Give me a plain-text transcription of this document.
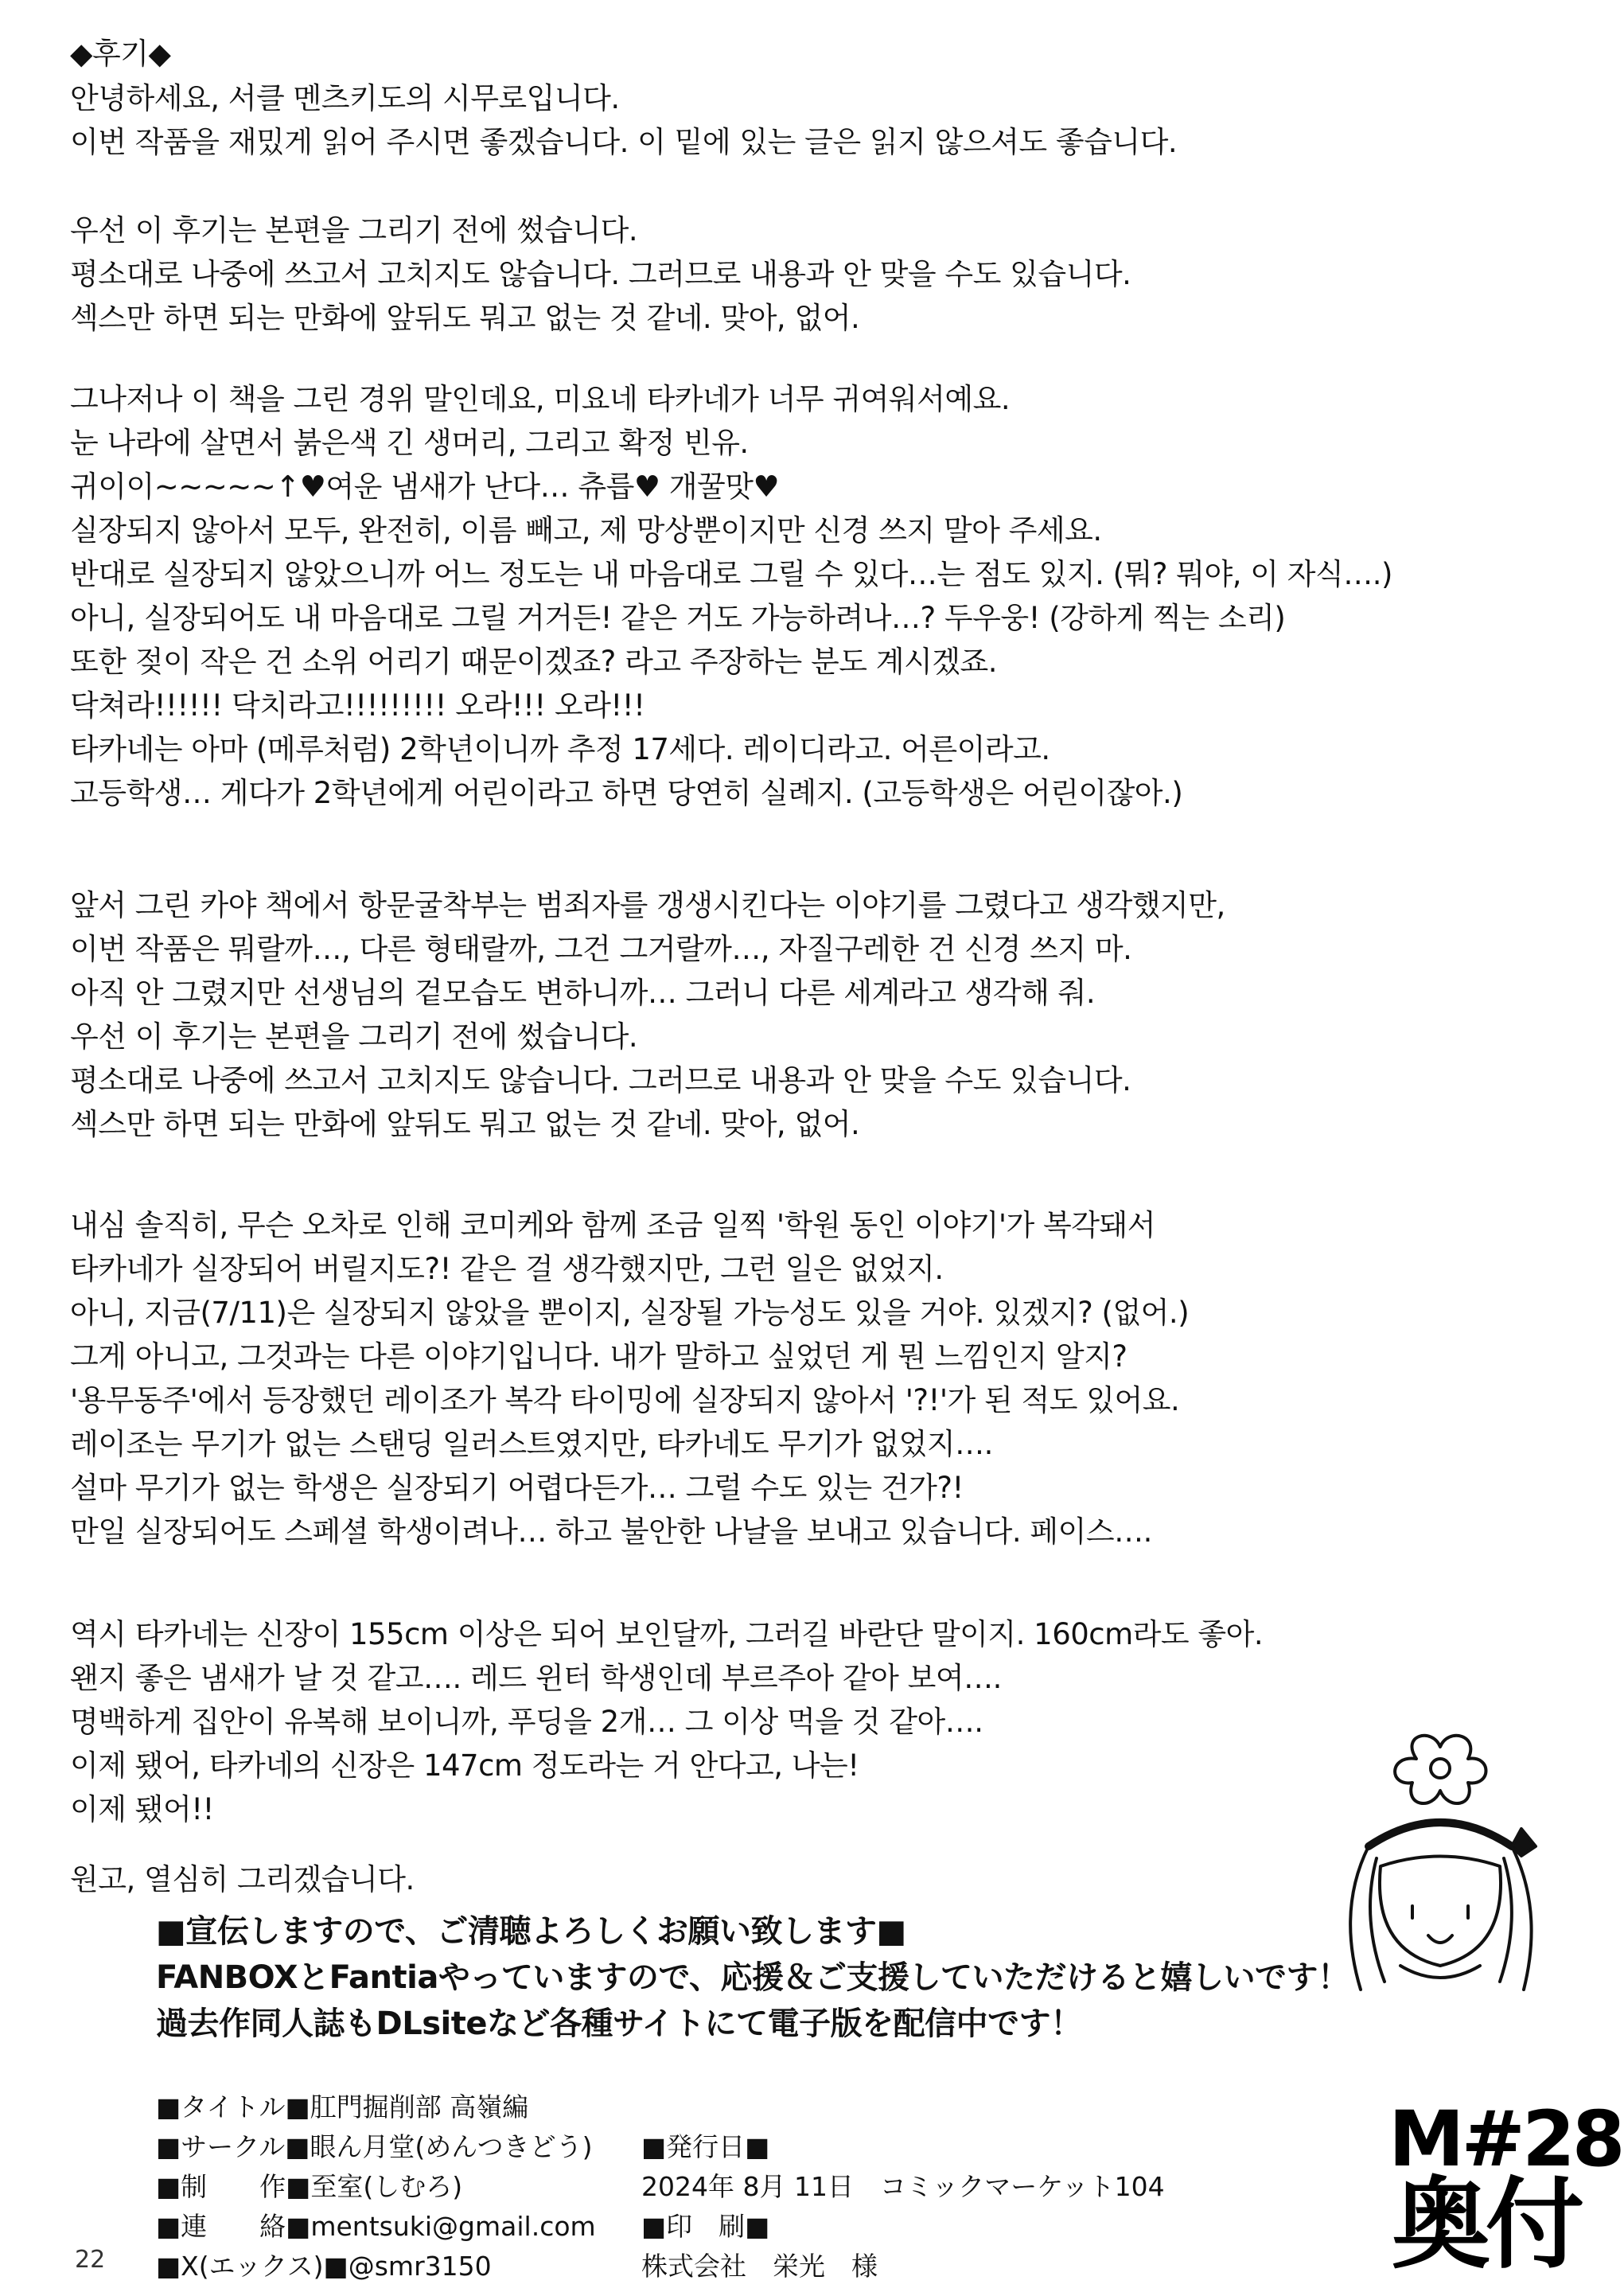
◆후기◆
안녕하세요, 서클 멘츠키도의 시무로입니다.
이번 작품을 재밌게 읽어 주시면 좋겠습니다. 이 밑에 있는 글은 읽지 않으셔도 좋습니다.
우선 이 후기는 본편을 그리기 전에 썼습니다.
평소대로 나중에 쓰고서 고치지도 않습니다. 그러므로 내용과 안 맞을 수도 있습니다.
섹스만 하면 되는 만화에 앞뒤도 뭐고 없는 것 같네. 맞아, 없어.
그나저나 이 책을 그린 경위 말인데요, 미요네 타카네가 너무 귀여워서예요.
눈 나라에 살면서 붉은색 긴 생머리, 그리고 확정 빈유.
귀이이~~~~~↑♥여운 냄새가 난다… 츄릅♥ 개꿀맛♥
실장되지 않아서 모두, 완전히, 이름 빼고, 제 망상뿐이지만 신경 쓰지 말아 주세요.
반대로 실장되지 않았으니까 어느 정도는 내 마음대로 그릴 수 있다…는 점도 있지. (뭐? 뭐야, 이 자식….)
아니, 실장되어도 내 마음대로 그릴 거거든! 같은 거도 가능하려나…? 두우웅! (강하게 찍는 소리)
또한 젖이 작은 건 소위 어리기 때문이겠죠? 라고 주장하는 분도 계시겠죠.
닥쳐라!!!!!! 닥치라고!!!!!!!!! 오라!!! 오라!!!
타카네는 아마 (메루처럼) 2학년이니까 추정 17세다. 레이디라고. 어른이라고.
고등학생… 게다가 2학년에게 어린이라고 하면 당연히 실례지. (고등학생은 어린이잖아.)
앞서 그린 카야 책에서 항문굴착부는 범죄자를 갱생시킨다는 이야기를 그렸다고 생각했지만,
이번 작품은 뭐랄까…, 다른 형태랄까, 그건 그거랄까…, 자질구레한 건 신경 쓰지 마.
아직 안 그렸지만 선생님의 겉모습도 변하니까… 그러니 다른 세계라고 생각해 줘.
우선 이 후기는 본편을 그리기 전에 썼습니다.
평소대로 나중에 쓰고서 고치지도 않습니다. 그러므로 내용과 안 맞을 수도 있습니다.
섹스만 하면 되는 만화에 앞뒤도 뭐고 없는 것 같네. 맞아, 없어.
내심 솔직히, 무슨 오차로 인해 코미케와 함께 조금 일찍 '학원 동인 이야기'가 복각돼서
타카네가 실장되어 버릴지도?! 같은 걸 생각했지만, 그런 일은 없었지.
아니, 지금(7/11)은 실장되지 않았을 뿐이지, 실장될 가능성도 있을 거야. 있겠지? (없어.)
그게 아니고, 그것과는 다른 이야기입니다. 내가 말하고 싶었던 게 뭔 느낌인지 알지?
'용무동주'에서 등장했던 레이조가 복각 타이밍에 실장되지 않아서 '?!'가 된 적도 있어요.
레이조는 무기가 없는 스탠딩 일러스트였지만, 타카네도 무기가 없었지….
설마 무기가 없는 학생은 실장되기 어렵다든가… 그럴 수도 있는 건가?!
만일 실장되어도 스페셜 학생이려나… 하고 불안한 나날을 보내고 있습니다. 페이스….
역시 타카네는 신장이 155cm 이상은 되어 보인달까, 그러길 바란단 말이지. 160cm라도 좋아.
왠지 좋은 냄새가 날 것 같고…. 레드 윈터 학생인데 부르주아 같아 보여….
명백하게 집안이 유복해 보이니까, 푸딩을 2개… 그 이상 먹을 것 같아….
이제 됐어, 타카네의 신장은 147cm 정도라는 거 안다고, 나는!
이제 됐어!!
원고, 열심히 그리겠습니다.
■宣伝しますので、ご清聴よろしくお願い致します■
FANBOXとFantiaやっていますので、応援＆ご支援していただけると嬉しいです！
過去作同人誌もDLsiteなど各種サイトにて電子版を配信中です！
TKN
OHH
■タイトル■肛門掘削部 高嶺編
■サークル■眼ん月堂(めんつきどう)
■制　　作■至室(しむろ)
■連　　絡■mentsuki@gmail.com
■X(エックス)■@smr3150
■発行日■
2024年 8月 11日　コミックマーケット104
■印　刷■
株式会社　栄光　様
22
M#28
奥付
